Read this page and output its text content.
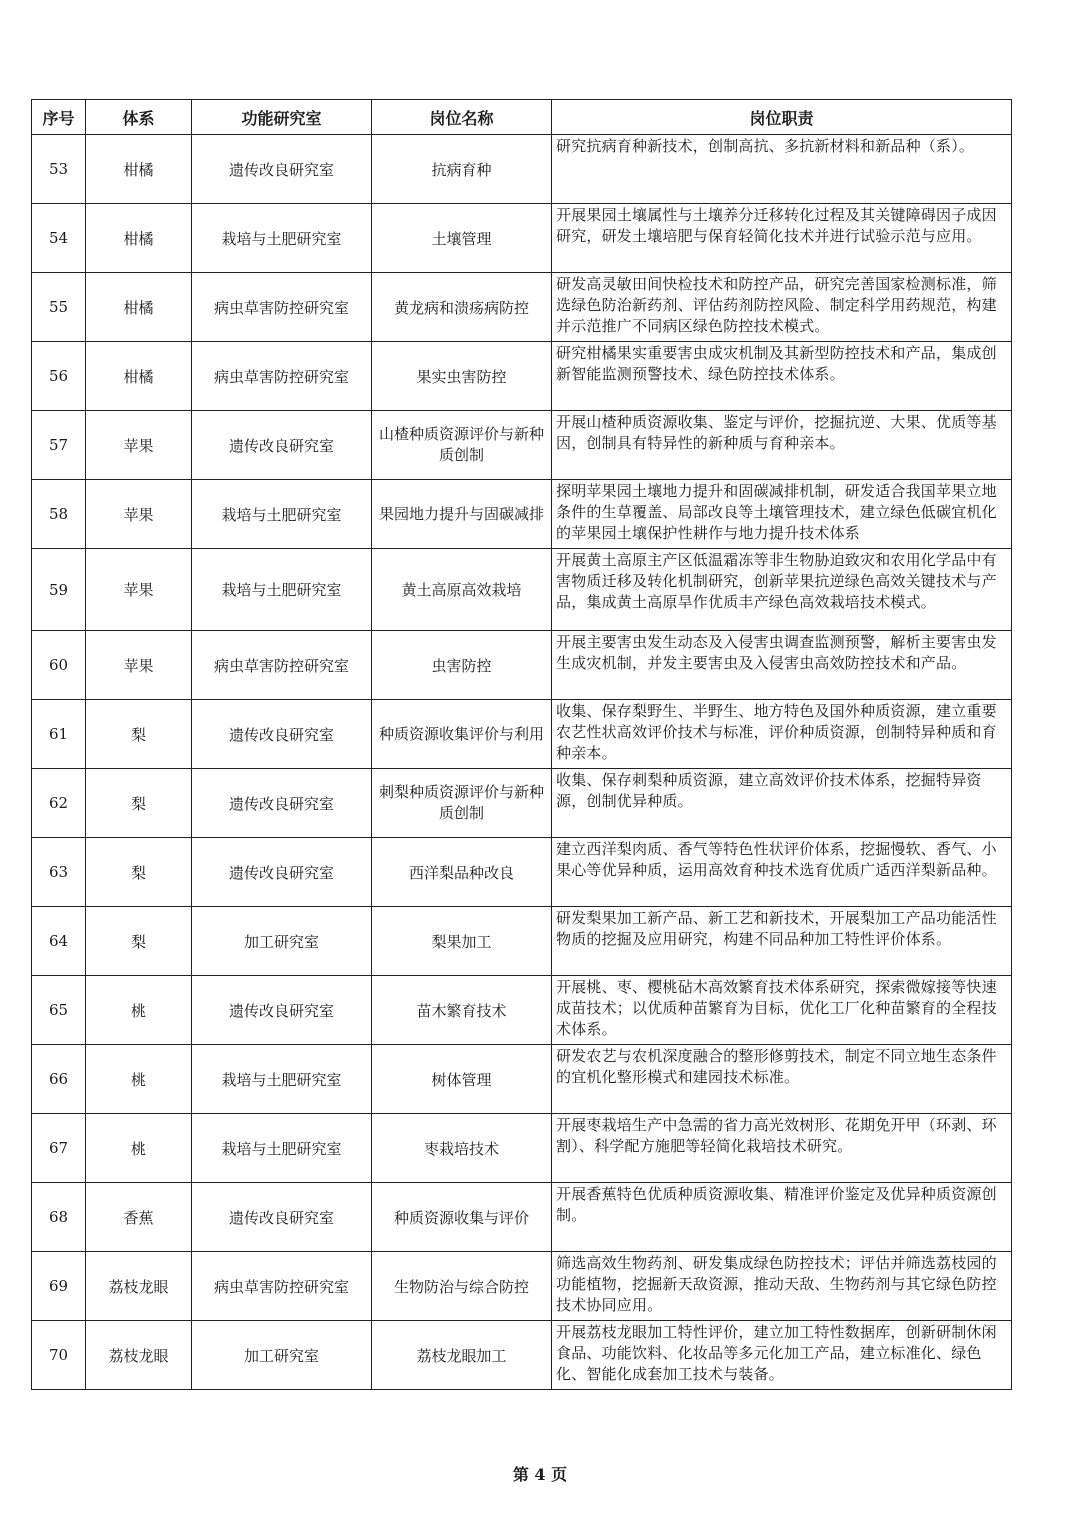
序号	体系	功能研究室	岗位名称	岗位职责
53	柑橘	遗传改良研究室	抗病育种	研究抗病育种新技术，创制高抗、多抗新材料和新品种（系）。
54	柑橘	栽培与土肥研究室	土壤管理	开展果园土壤属性与土壤养分迁移转化过程及其关键障碍因子成因研究，研发土壤培肥与保育轻简化技术并进行试验示范与应用。
55	柑橘	病虫草害防控研究室	黄龙病和溃疡病防控	研发高灵敏田间快检技术和防控产品，研究完善国家检测标准，筛选绿色防治新药剂、评估药剂防控风险、制定科学用药规范，构建并示范推广不同病区绿色防控技术模式。
56	柑橘	病虫草害防控研究室	果实虫害防控	研究柑橘果实重要害虫成灾机制及其新型防控技术和产品，集成创新智能监测预警技术、绿色防控技术体系。
57	苹果	遗传改良研究室	山楂种质资源评价与新种质创制	开展山楂种质资源收集、鉴定与评价，挖掘抗逆、大果、优质等基因，创制具有特异性的新种质与育种亲本。
58	苹果	栽培与土肥研究室	果园地力提升与固碳减排	探明苹果园土壤地力提升和固碳减排机制，研发适合我国苹果立地条件的生草覆盖、局部改良等土壤管理技术，建立绿色低碳宜机化的苹果园土壤保护性耕作与地力提升技术体系
59	苹果	栽培与土肥研究室	黄土高原高效栽培	开展黄土高原主产区低温霜冻等非生物胁迫致灾和农用化学品中有害物质迁移及转化机制研究，创新苹果抗逆绿色高效关键技术与产品，集成黄土高原旱作优质丰产绿色高效栽培技术模式。
60	苹果	病虫草害防控研究室	虫害防控	开展主要害虫发生动态及入侵害虫调查监测预警，解析主要害虫发生成灾机制，并发主要害虫及入侵害虫高效防控技术和产品。
61	梨	遗传改良研究室	种质资源收集评价与利用	收集、保存梨野生、半野生、地方特色及国外种质资源，建立重要农艺性状高效评价技术与标准，评价种质资源，创制特异种质和育种亲本。
62	梨	遗传改良研究室	刺梨种质资源评价与新种质创制	收集、保存刺梨种质资源，建立高效评价技术体系，挖掘特异资源，创制优异种质。
63	梨	遗传改良研究室	西洋梨品种改良	建立西洋梨肉质、香气等特色性状评价体系，挖掘慢软、香气、小果心等优异种质，运用高效育种技术选育优质广适西洋梨新品种。
64	梨	加工研究室	梨果加工	研发梨果加工新产品、新工艺和新技术，开展梨加工产品功能活性物质的挖掘及应用研究，构建不同品种加工特性评价体系。
65	桃	遗传改良研究室	苗木繁育技术	开展桃、枣、樱桃砧木高效繁育技术体系研究，探索微嫁接等快速成苗技术；以优质种苗繁育为目标，优化工厂化种苗繁育的全程技术体系。
66	桃	栽培与土肥研究室	树体管理	研发农艺与农机深度融合的整形修剪技术，制定不同立地生态条件的宜机化整形模式和建园技术标准。
67	桃	栽培与土肥研究室	枣栽培技术	开展枣栽培生产中急需的省力高光效树形、花期免开甲（环剥、环割）、科学配方施肥等轻简化栽培技术研究。
68	香蕉	遗传改良研究室	种质资源收集与评价	开展香蕉特色优质种质资源收集、精准评价鉴定及优异种质资源创制。
69	荔枝龙眼	病虫草害防控研究室	生物防治与综合防控	筛选高效生物药剂、研发集成绿色防控技术；评估并筛选荔枝园的功能植物，挖掘新天敌资源，推动天敌、生物药剂与其它绿色防控技术协同应用。
70	荔枝龙眼	加工研究室	荔枝龙眼加工	开展荔枝龙眼加工特性评价，建立加工特性数据库，创新研制休闲食品、功能饮料、化妆品等多元化加工产品，建立标准化、绿色化、智能化成套加工技术与装备。
第 4 页
